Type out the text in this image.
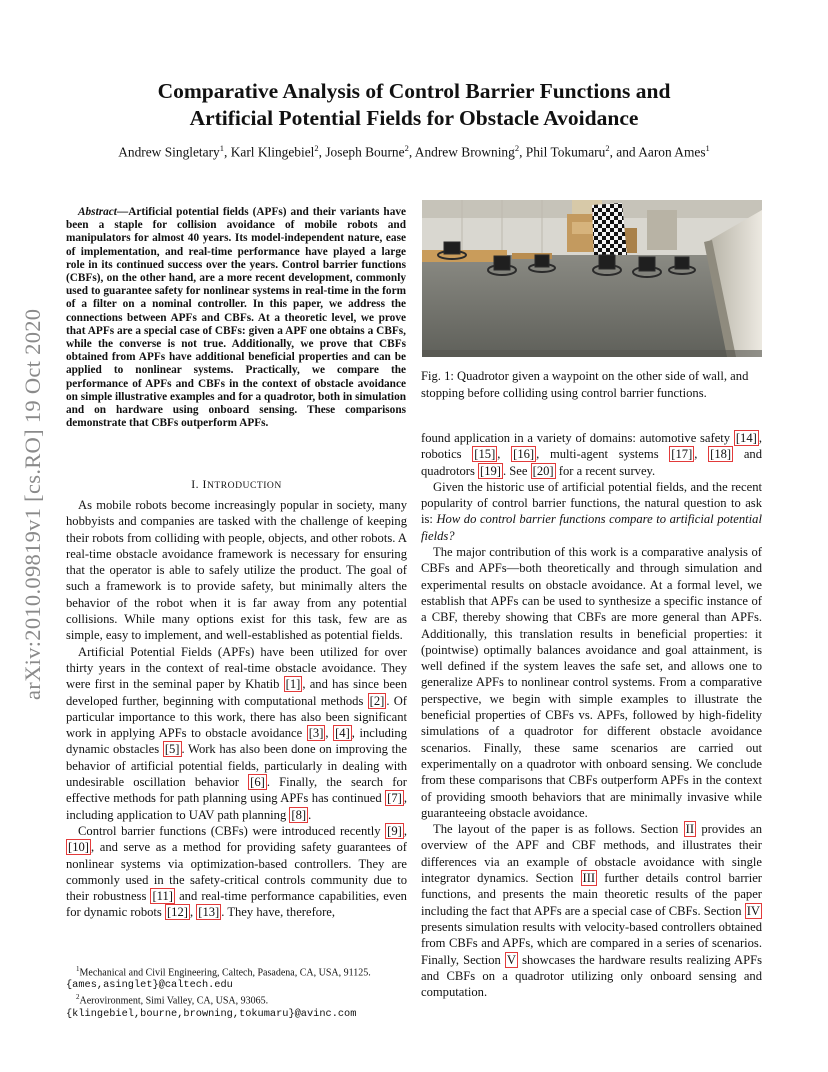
Comparative Analysis of Control Barrier Functions and
Artificial Potential Fields for Obstacle Avoidance
Andrew Singletary$^1$, Karl Klingebiel$^2$, Joseph Bourne$^2$, Andrew Browning$^2$, Phil Tokumaru$^2$, and Aaron Ames$^1$
arXiv:2010.09819v1 [cs.RO] 19 Oct 2020
Abstract—Artificial potential fields (APFs) and their variants have been a staple for collision avoidance of mobile robots and manipulators for almost 40 years. Its model-independent nature, ease of implementation, and real-time performance have played a large role in its continued success over the years. Control barrier functions (CBFs), on the other hand, are a more recent development, commonly used to guarantee safety for nonlinear systems in real-time in the form of a filter on a nominal controller. In this paper, we address the connections between APFs and CBFs. At a theoretic level, we prove that APFs are a special case of CBFs: given a APF one obtains a CBFs, while the converse is not true. Additionally, we prove that CBFs obtained from APFs have additional beneficial properties and can be applied to nonlinear systems. Practically, we compare the performance of APFs and CBFs in the context of obstacle avoidance on simple illustrative examples and for a quadrotor, both in simulation and on hardware using onboard sensing. These comparisons demonstrate that CBFs outperform APFs.
I. INTRODUCTION

As mobile robots become increasingly popular in society, many hobbyists and companies are tasked with the challenge of keeping their robots from colliding with people, objects, and other robots. A real-time obstacle avoidance framework is necessary for ensuring that the operator is able to safely utilize the product. The goal of such a framework is to provide safety, but minimally alters the behavior of the robot when it is far away from any potential collisions. While many options exist for this task, few are as simple, easy to implement, and well-established as potential fields.

Artificial Potential Fields (APFs) have been utilized for over thirty years in the context of real-time obstacle avoidance. They were first in the seminal paper by Khatib [1] , and has since been developed further, beginning with computational methods [2] . Of particular importance to this work, there has also been significant work in applying APFs to obstacle avoidance [3] , [4] , including dynamic obstacles [5] . Work has also been done on improving the behavior of artificial potential fields, particularly in dealing with undesirable oscillation behavior [6] . Finally, the search for effective methods for path planning using APFs has continued [7] , including application to UAV path planning [8] .

Control barrier functions (CBFs) were introduced recently [9] , [10] , and serve as a method for providing safety guarantees of nonlinear systems via optimization-based controllers. They are commonly used in the safety-critical controls community due to their robustness [11] and real-time performance capabilities, even for dynamic robots [12] , [13] . They have, therefore,

$^1$Mechanical and Civil Engineering, Caltech, Pasadena, CA, USA, 91125.
{ames,asinglet}@caltech.edu
$^2$Aerovironment, Simi Valley, CA, USA, 93065.
{klingebiel,bourne,browning,tokumaru}@avinc.com
Fig. 1: Quadrotor given a waypoint on the other side of wall, and stopping before colliding using control barrier functions.

found application in a variety of domains: automotive safety [14] , robotics [15] , [16] , multi-agent systems [17] , [18] and quadrotors [19] . See [20] for a recent survey.

Given the historic use of artificial potential fields, and the recent popularity of control barrier functions, the natural question to ask is: How do control barrier functions compare to artificial potential fields?

The major contribution of this work is a comparative analysis of CBFs and APFs—both theoretically and through simulation and experimental results on obstacle avoidance. At a formal level, we establish that APFs can be used to synthesize a specific instance of a CBF, thereby showing that CBFs are more general than APFs. Additionally, this translation results in beneficial properties: it (pointwise) optimally balances avoidance and goal attainment, is well defined if the system leaves the safe set, and allows one to generalize APFs to nonlinear control systems. From a comparative perspective, we begin with simple examples to illustrate the beneficial properties of CBFs vs. APFs, followed by high-fidelity simulations of a quadrotor for different obstacle avoidance scenarios. Finally, these same scenarios are carried out experimentally on a quadrotor with onboard sensing. We conclude from these comparisons that CBFs outperform APFs in the context of providing smooth behaviors that are minimally invasive while guaranteeing obstacle avoidance.

The layout of the paper is as follows. Section II provides an overview of the APF and CBF methods, and illustrates their differences via an example of obstacle avoidance with single integrator dynamics. Section III further details control barrier functions, and presents the main theoretic results of the paper including the fact that APFs are a special case of CBFs. Section IV presents simulation results with velocity-based controllers obtained from CBFs and APFs, which are compared in a series of scenarios. Finally, Section V showcases the hardware results realizing APFs and CBFs on a quadrotor utilizing only onboard sensing and computation.
